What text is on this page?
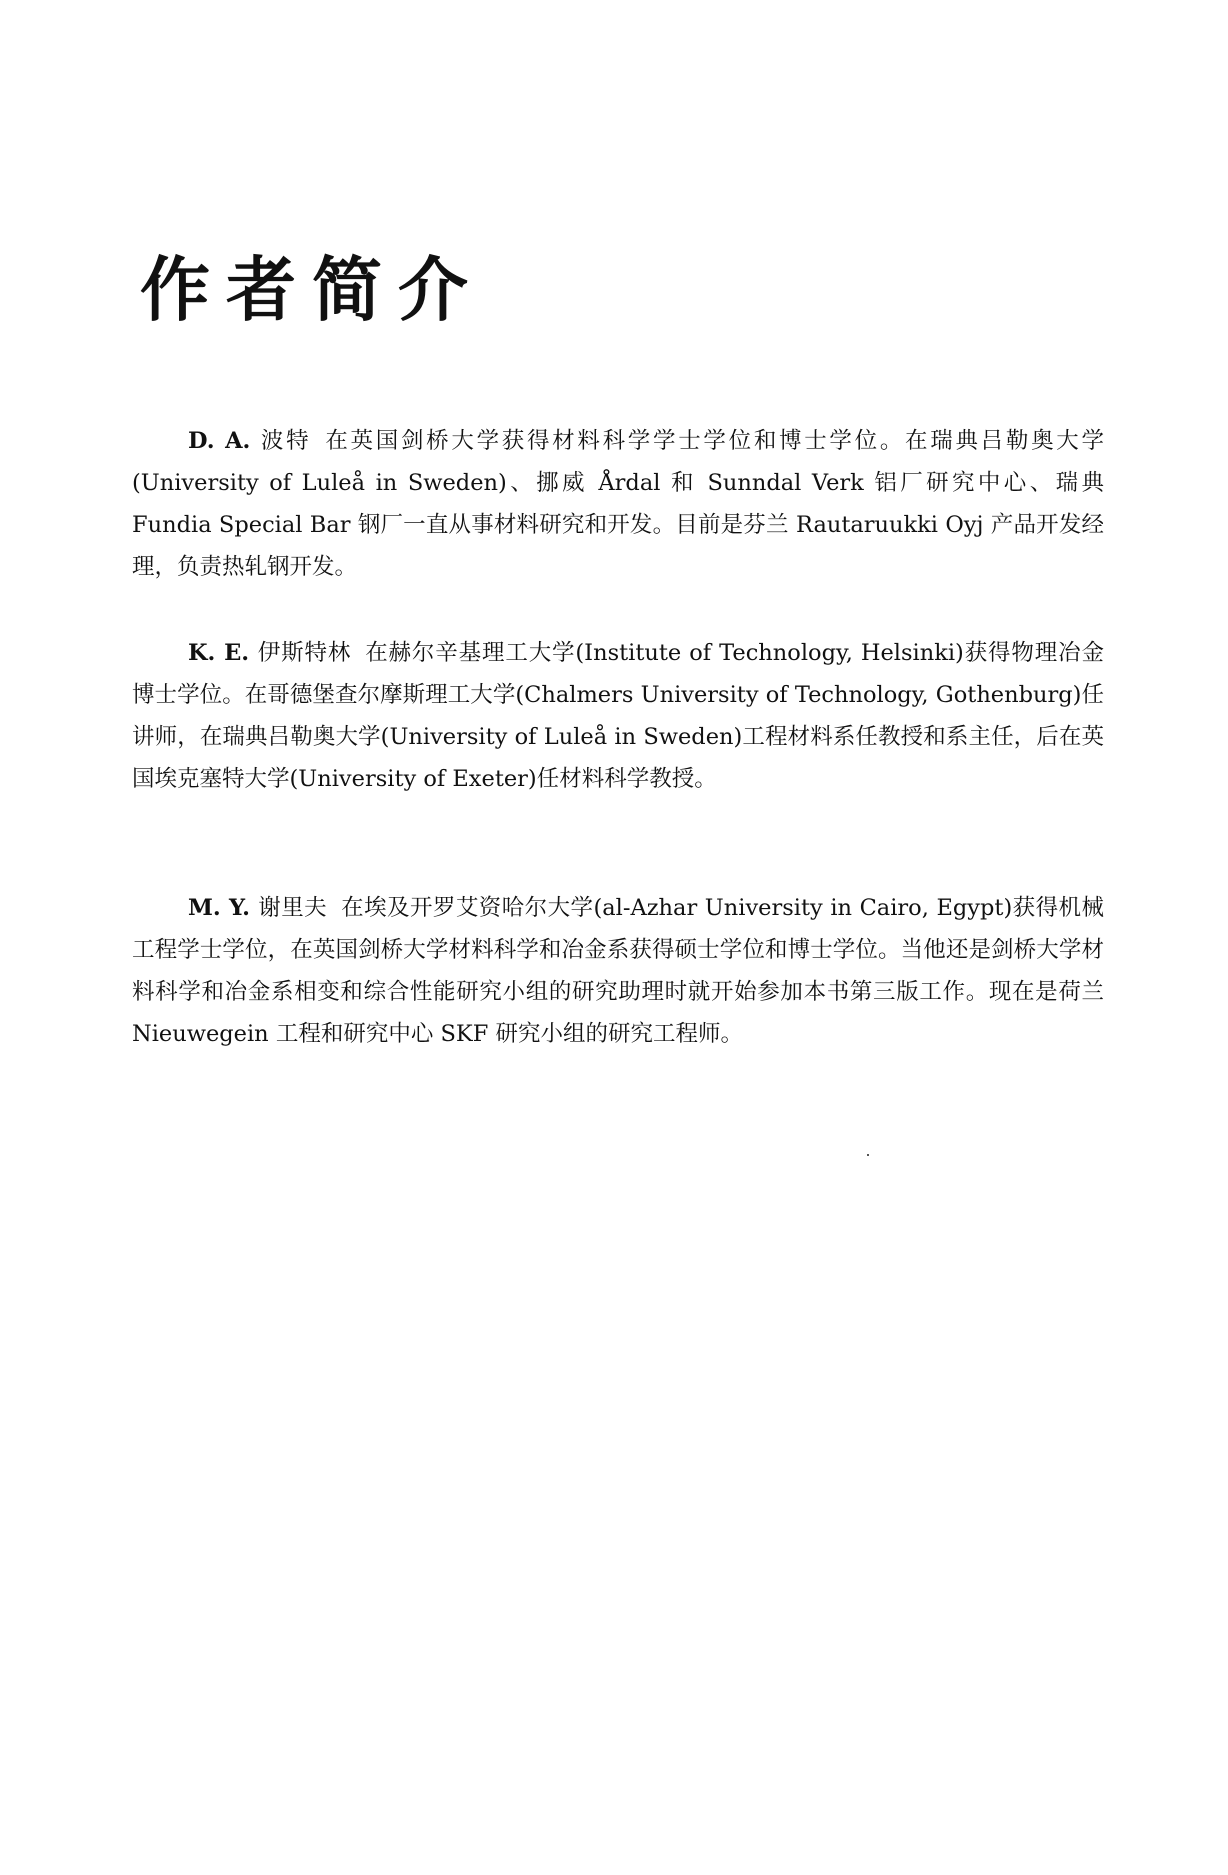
作者简介

D. A. 波特 在英国剑桥大学获得材料科学学士学位和博士学位。在瑞典吕勒奥大学(University of Luleå in Sweden)、挪威 Årdal 和 Sunndal Verk 铝厂研究中心、瑞典 Fundia Special Bar 钢厂一直从事材料研究和开发。目前是芬兰 Rautaruukki Oyj 产品开发经理，负责热轧钢开发。

K. E. 伊斯特林 在赫尔辛基理工大学(Institute of Technology, Helsinki)获得物理冶金博士学位。在哥德堡查尔摩斯理工大学(Chalmers University of Technology, Gothenburg)任讲师，在瑞典吕勒奥大学(University of Luleå in Sweden)工程材料系任教授和系主任，后在英国埃克塞特大学(University of Exeter)任材料科学教授。

M. Y. 谢里夫 在埃及开罗艾资哈尔大学(al-Azhar University in Cairo, Egypt)获得机械工程学士学位，在英国剑桥大学材料科学和冶金系获得硕士学位和博士学位。当他还是剑桥大学材料科学和冶金系相变和综合性能研究小组的研究助理时就开始参加本书第三版工作。现在是荷兰 Nieuwegein 工程和研究中心 SKF 研究小组的研究工程师。
